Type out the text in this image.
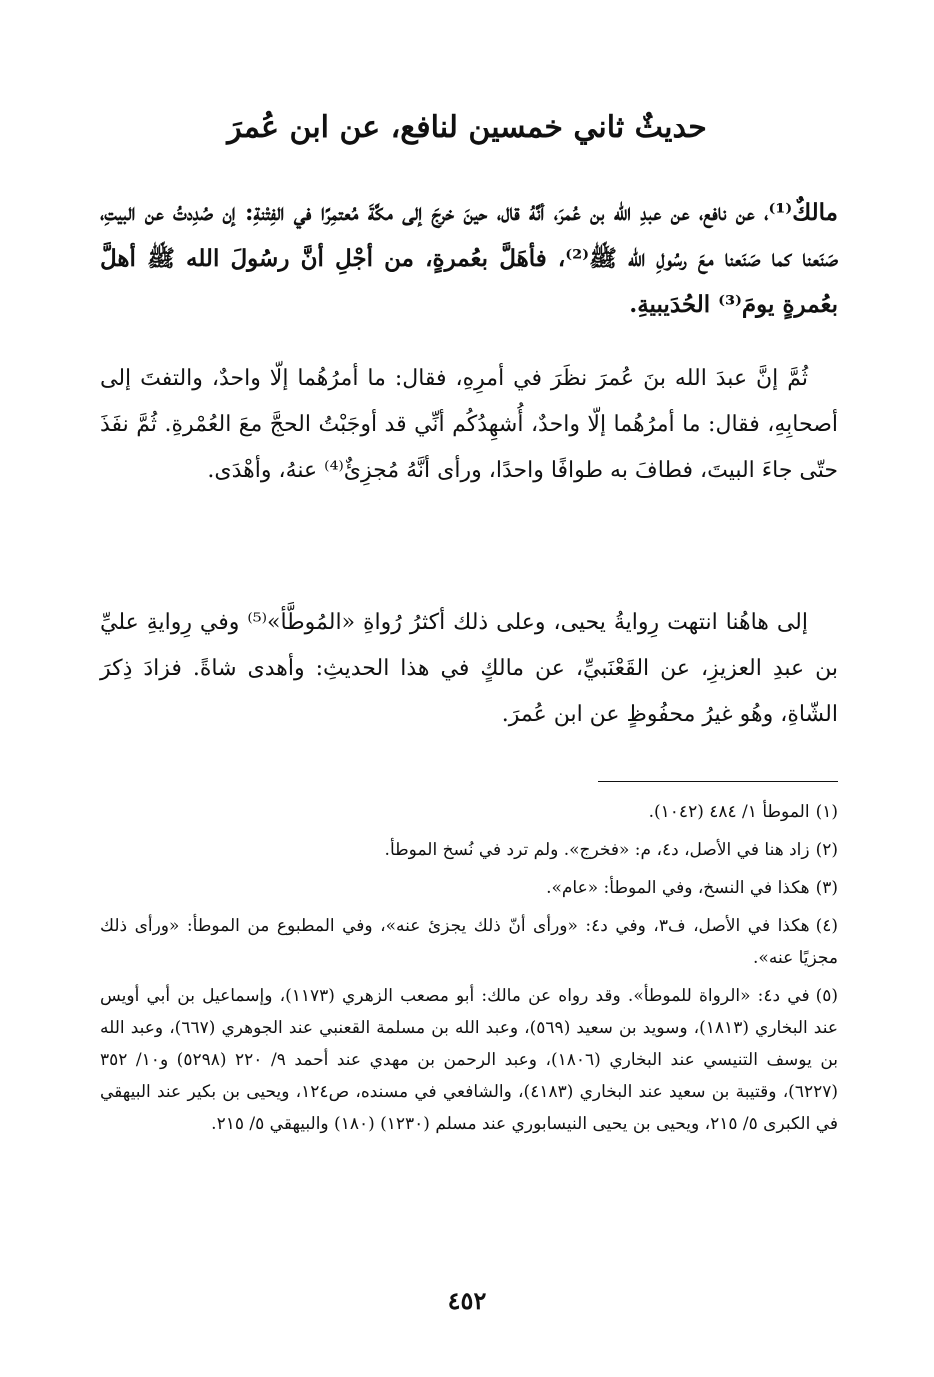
حديثٌ ثاني خمسين لنافع، عن ابن عُمرَ
مالكٌ⁽¹⁾، عن نافع، عن عبدِ الله بن عُمرَ، أنَّهُ قال، حينَ خرجَ إلى مكَّةَ مُعتمِرًا في الفِتْنةِ: إن صُدِدتُ عن البيتِ، صَنَعنا كما صَنَعنا معَ رسُولِ الله ﷺ⁽²⁾، فأهَلَّ بعُمرةٍ، من أجْلِ أنَّ رسُولَ الله ﷺ أهلَّ بعُمرةٍ يومَ⁽³⁾ الحُدَيبيةِ.
ثُمَّ إنَّ عبدَ الله بنَ عُمرَ نظَرَ في أمرِهِ، فقال: ما أمرُهُما إلّا واحدٌ، والتفتَ إلى أصحابِهِ، فقال: ما أمرُهُما إلّا واحدٌ، أُشهِدُكُم أنِّي قد أوجَبْتُ الحجَّ معَ العُمْرةِ. ثُمَّ نفَذَ حتّى جاءَ البيتَ، فطافَ به طوافًا واحدًا، ورأى أنَّهُ مُجزِئٌ⁽⁴⁾ عنهُ، وأهْدَى.
إلى هاهُنا انتهت رِوايةُ يحيى، وعلى ذلك أكثرُ رُواةِ «المُوطَّأ»⁽⁵⁾ وفي رِوايةِ عليِّ بن عبدِ العزيزِ، عن القَعْنَبيِّ، عن مالكٍ في هذا الحديثِ: وأهدى شاةً. فزادَ ذِكرَ الشّاةِ، وهُو غيرُ محفُوظٍ عن ابن عُمرَ.
(١)الموطأ ١/ ٤٨٤ (١٠٤٢).
(٢)زاد هنا في الأصل، د٤، م: «فخرج». ولم ترد في نُسخ الموطأ.
(٣)هكذا في النسخ، وفي الموطأ: «عام».
(٤)هكذا في الأصل، ف٣، وفي د٤: «ورأى أنّ ذلك يجزئ عنه»، وفي المطبوع من الموطأ: «ورأى ذلك مجزيًا عنه».
(٥)في د٤: «الرواة للموطأ». وقد رواه عن مالك: أبو مصعب الزهري (١١٧٣)، وإسماعيل بن أبي أويس عند البخاري (١٨١٣)، وسويد بن سعيد (٥٦٩)، وعبد الله بن مسلمة القعنبي عند الجوهري (٦٦٧)، وعبد الله بن يوسف التنيسي عند البخاري (١٨٠٦)، وعبد الرحمن بن مهدي عند أحمد ٩/ ٢٢٠ (٥٢٩٨) و١٠/ ٣٥٢ (٦٢٢٧)، وقتيبة بن سعيد عند البخاري (٤١٨٣)، والشافعي في مسنده، ص١٢٤، ويحيى بن بكير عند البيهقي في الكبرى ٥/ ٢١٥، ويحيى بن يحيى النيسابوري عند مسلم (١٢٣٠) (١٨٠) والبيهقي ٥/ ٢١٥.
٤٥٢
